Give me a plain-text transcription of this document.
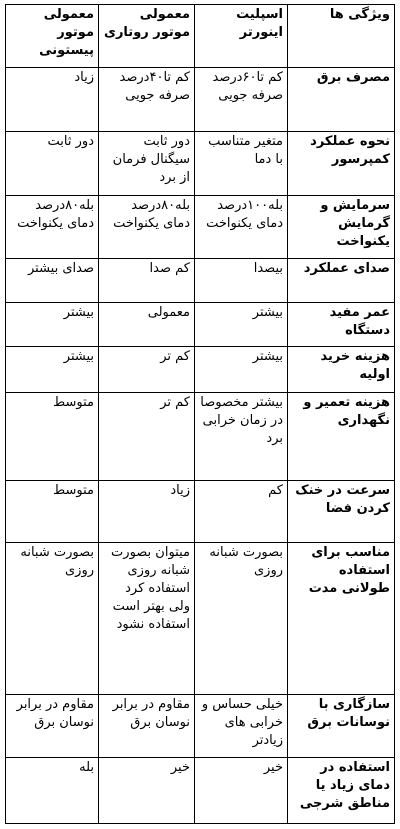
ویژگی ها	اسپلیت اینورتر	معمولی موتور روتاری	معمولی موتور پیستونی
مصرف برق	کم تا۶۰درصد صرفه جویی	کم تا۴۰درصد صرفه جویی	زیاد
نحوه عملکرد کمپرسور	متغیر متناسب با دما	دور ثابت سیگنال فرمان از برد	دور ثابت
سرمایش و گرمایش یکنواخت	بله۱۰۰درصد دمای یکنواخت	بله۸۰درصد دمای یکنواخت	بله۸۰درصد دمای یکنواخت
صدای عملکرد	بیصدا	کم صدا	صدای بیشتر
عمر مفید دستگاه	بیشتر	معمولی	بیشتر
هزینه خرید اولیه	بیشتر	کم تر	بیشتر
هزینه تعمیر و نگهداری	بیشتر مخصوصا در زمان خرابی برد	کم تر	متوسط
سرعت در خنک کردن فضا	کم	زیاد	متوسط
مناسب برای استفاده طولانی مدت	بصورت شبانه روزی	میتوان بصورت شبانه روزی استفاده کرد ولی بهتر است استفاده نشود	بصورت شبانه روزی
سازگاری با نوسانات برق	خیلی حساس و خرابی های زیادتر	مقاوم در برابر نوسان برق	مقاوم در برابر نوسان برق
استفاده در دمای زیاد یا مناطق شرجی	خیر	خیر	بله
